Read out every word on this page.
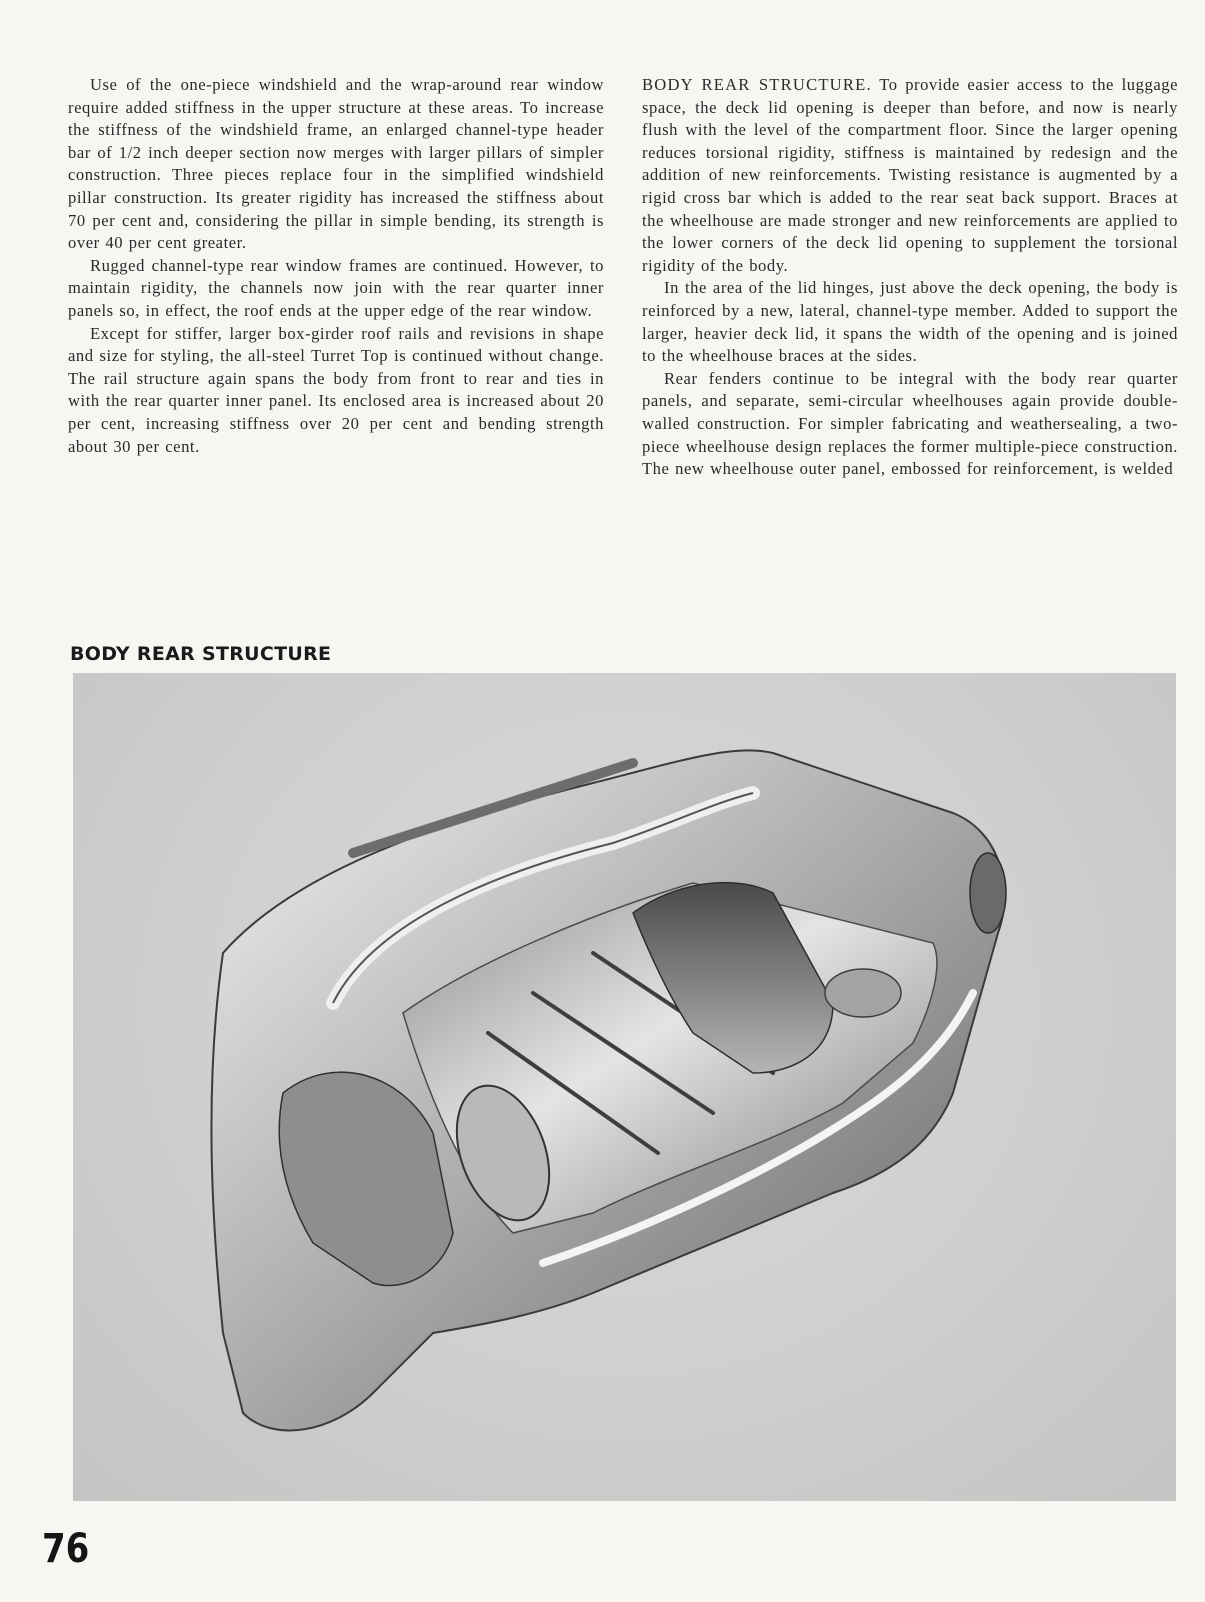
Use of the one-piece windshield and the wrap-around rear window require added stiffness in the upper structure at these areas. To increase the stiffness of the windshield frame, an enlarged channel-type header bar of 1/2 inch deeper section now merges with larger pillars of simpler construction. Three pieces replace four in the simplified windshield pillar construction. Its greater rigidity has increased the stiffness about 70 per cent and, considering the pillar in simple bending, its strength is over 40 per cent greater.

Rugged channel-type rear window frames are continued. However, to maintain rigidity, the channels now join with the rear quarter inner panels so, in effect, the roof ends at the upper edge of the rear window.

Except for stiffer, larger box-girder roof rails and revisions in shape and size for styling, the all-steel Turret Top is continued without change. The rail structure again spans the body from front to rear and ties in with the rear quarter inner panel. Its enclosed area is increased about 20 per cent, increasing stiffness over 20 per cent and bending strength about 30 per cent.

BODY REAR STRUCTURE. To provide easier access to the luggage space, the deck lid opening is deeper than before, and now is nearly flush with the level of the compartment floor. Since the larger opening reduces torsional rigidity, stiffness is maintained by redesign and the addition of new reinforcements. Twisting resistance is augmented by a rigid cross bar which is added to the rear seat back support. Braces at the wheelhouse are made stronger and new reinforcements are applied to the lower corners of the deck lid opening to supplement the torsional rigidity of the body.

In the area of the lid hinges, just above the deck opening, the body is reinforced by a new, lateral, channel-type member. Added to support the larger, heavier deck lid, it spans the width of the opening and is joined to the wheelhouse braces at the sides.

Rear fenders continue to be integral with the body rear quarter panels, and separate, semi-circular wheelhouses again provide double-walled construction. For simpler fabricating and weathersealing, a two-piece wheelhouse design replaces the former multiple-piece construction. The new wheelhouse outer panel, embossed for reinforcement, is welded

BODY REAR STRUCTURE

76
